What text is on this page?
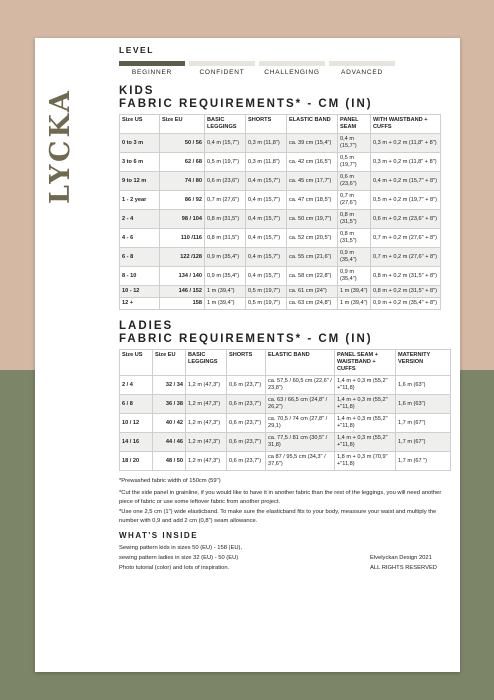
LYCKA
LEVEL
BEGINNER	CONFIDENT	CHALLENGING	ADVANCED
KIDS
FABRIC REQUIREMENTS* - CM (IN)
Size US	Size EU	BASIC LEGGINGS	SHORTS	ELASTIC BAND	PANEL SEAM	WITH WAISTBAND + CUFFS
0 to 3 m	50 / 56	0,4 m (15,7")	0,3 m (11,8")	ca. 39 cm (15,4")	0,4 m (15,7")	0,3 m + 0,2 m (11,8" + 8")
3 to 6 m	62 / 68	0,5 m (19,7")	0,3 m (11,8")	ca. 42 cm (16,5")	0,5 m (19,7")	0,3 m + 0,2 m (11,8" + 8")
9 to 12 m	74 / 80	0,6 m (23,6")	0,4 m (15,7")	ca. 45 cm (17,7")	0,6 m (23,6")	0,4 m + 0,2 m (15,7" + 8")
1 - 2 year	86 / 92	0,7 m (27,6")	0,4 m (15,7")	ca. 47 cm (18,5")	0,7 m (27,6")	0,5 m + 0,2 m (19,7" + 8")
2 - 4	98 / 104	0,8 m (31,5")	0,4 m (15,7")	ca. 50 cm (19,7")	0,8 m (31,5")	0,6 m + 0,2 m (23,6" + 8")
4 - 6	110 /116	0,8 m (31,5")	0,4 m (15,7")	ca. 52 cm (20,5")	0,8 m (31,5")	0,7 m + 0,2 m (27,6" + 8")
6 - 8	122 /128	0,9 m (35,4")	0,4 m (15,7")	ca. 55 cm (21,6")	0,9 m (35,4")	0,7 m + 0,2 m (27,6" + 8")
8 - 10	134 / 140	0,9 m (35,4")	0,4 m (15,7")	ca. 58 cm (22,8")	0,9 m (35,4")	0,8 m + 0,2 m (31,5" + 8")
10 - 12	146 / 152	1 m (39,4")	0,5 m (19,7")	ca. 61 cm (24")	1 m (39,4")	0,8 m + 0,2 m (31,5" + 8")
12 +	158	1 m (39,4")	0,5 m (19,7")	ca. 63 cm (24,8")	1 m (39,4")	0,9 m + 0,2 m (35,4" + 8")
LADIES
FABRIC REQUIREMENTS* - CM (IN)
Size US	Size EU	BASIC LEGGINGS	SHORTS	ELASTIC BAND	PANEL SEAM + WAISTBAND + CUFFS	MATERNITY VERSION
2 / 4	32 / 34	1,2 m (47,3")	0,6 m (23,7")	ca. 57,5 / 60,5 cm (22,6" / 23,8")	1,4 m + 0,3 m (55,2" +"11,8)	1,6 m (63")
6 / 8	36 / 38	1,2 m (47,3")	0,6 m (23,7")	ca. 63 / 66,5 cm (24,8" / 26,2")	1,4 m + 0,3 m (55,2" +"11,8)	1,6 m (63")
10 / 12	40 / 42	1,2 m (47,3")	0,6 m (23,7")	ca. 70,5 / 74 cm (27,8" / 29,1)	1,4 m + 0,3 m (55,2" +"11,8)	1,7 m (67")
14 / 16	44 / 46	1,2 m (47,3")	0,6 m (23,7")	ca. 77,5 / 81 cm (30,5" / 31,8)	1,4 m + 0,3 m (55,2" +"11,8)	1,7 m (67")
18 / 20	48 / 50	1,2 m (47,3")	0,6 m (23,7")	ca 87 / 95,5 cm (34,3" / 37,6")	1,8 m + 0,3 m (70,9" +"11,8)	1,7 m (67 ")
*Prewashed fabric width of 150cm (59")
*Cut the side panel in grainline, if you would like to have it in another fabric than the rest of the leggings, you will need another piece of fabric or use some leftover fabric from another project.
*Use one 2,5 cm (1") wide elasticband. To make sure the elasticband fits to your body, meassure your waist and multiply the number with 0,9 and add 2 cm (0,8") seam allowance.
WHAT'S INSIDE
Sewing pattern kids in sizes 50 (EU) - 158 (EU),
sewing pattern ladies in size 32 (EU) - 50 (EU)
Photo tutorial (color) and lots of inspiration.
Elvelyckan Design 2021
ALL RIGHTS RESERVED
